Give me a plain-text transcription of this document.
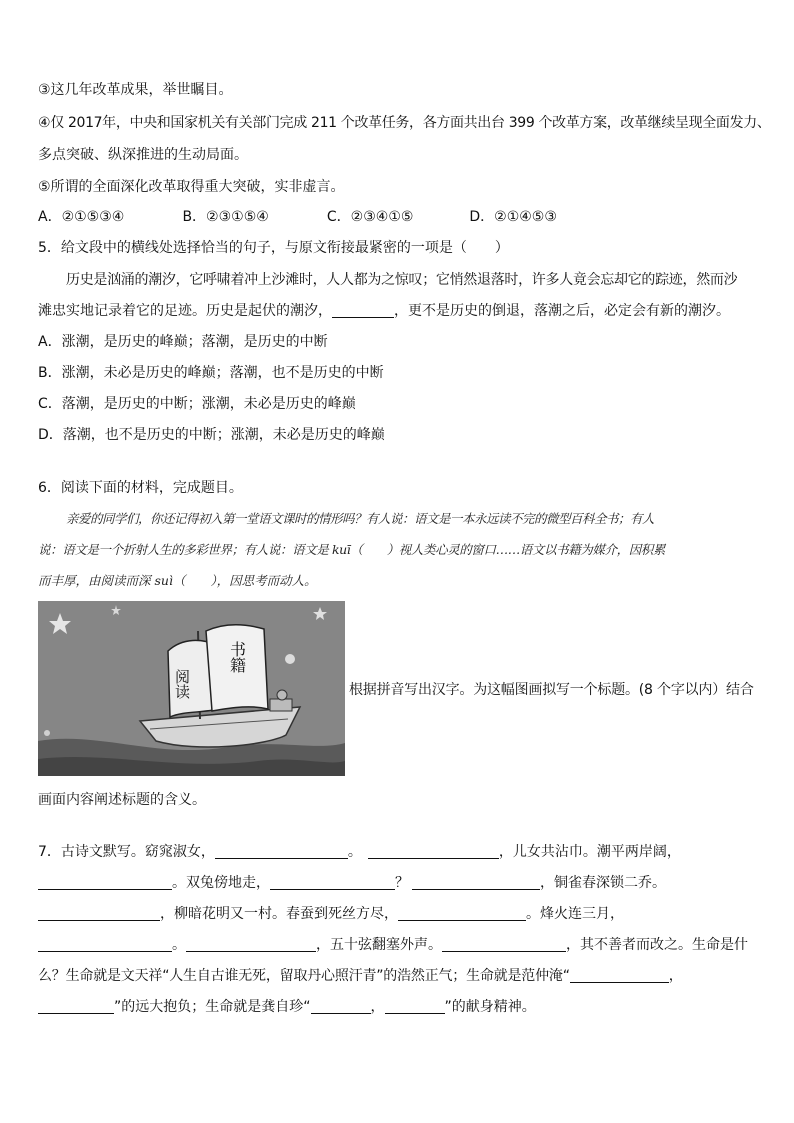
③这几年改革成果，举世瞩目。
④仅 2017年，中央和国家机关有关部门完成 211 个改革任务，各方面共出台 399 个改革方案，改革继续呈现全面发力、
多点突破、纵深推进的生动局面。
⑤所谓的全面深化改革取得重大突破，实非虚言。
A．②①⑤③④	B．②③①⑤④	C．②③④①⑤	D．②①④⑤③
5．给文段中的横线处选择恰当的句子，与原文衔接最紧密的一项是（　　）
历史是汹涌的潮汐，它呼啸着冲上沙滩时，人人都为之惊叹；它悄然退落时，许多人竟会忘却它的踪迹，然而沙
滩忠实地记录着它的足迹。历史是起伏的潮汐，	，更不是历史的倒退，落潮之后，必定会有新的潮汐。
A．涨潮，是历史的峰巅；落潮，是历史的中断
B．涨潮，未必是历史的峰巅；落潮，也不是历史的中断
C．落潮，是历史的中断；涨潮，未必是历史的峰巅
D．落潮，也不是历史的中断；涨潮，未必是历史的峰巅
6．阅读下面的材料，完成题目。
亲爱的同学们，你还记得初入第一堂语文课时的情形吗？有人说：语文是一本永远读不完的微型百科全书；有人
说：语文是一个折射人生的多彩世界；有人说：语文是 kuī（　　）视人类心灵的窗口……语文以书籍为媒介，因积累
而丰厚，由阅读而深 suì（　　），因思考而动人。
阅读
书籍
根据拼音写出汉字。为这幅图画拟写一个标题。(8 个字以内）结合
画面内容阐述标题的含义。
7．古诗文默写。窈窕淑女，	。	，儿女共沾巾。潮平两岸阔，
。双兔傍地走，	？	，铜雀春深锁二乔。
，柳暗花明又一村。春蚕到死丝方尽，	。烽火连三月，
。	，五十弦翻塞外声。	，其不善者而改之。生命是什
么？生命就是文天祥“人生自古谁无死，留取丹心照汗青”的浩然正气；生命就是范仲淹“	，
”的远大抱负；生命就是龚自珍“	，	”的献身精神。
